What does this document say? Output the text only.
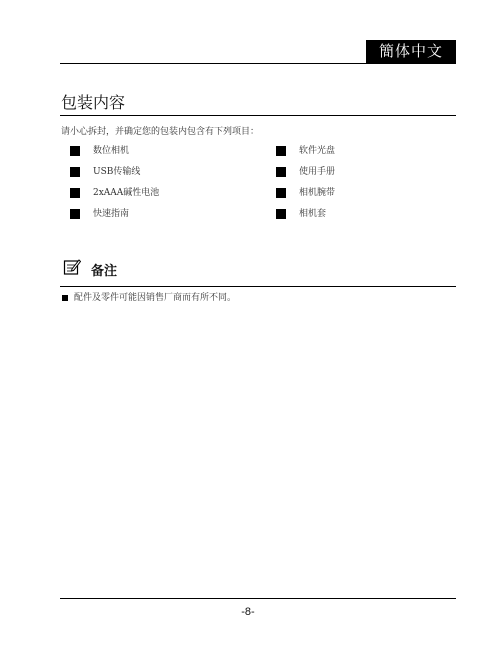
簡体中文
包装内容
请小心拆封，并确定您的包装内包含有下列项目：
数位相机
USB传输线
2xAAA碱性电池
快速指南
软件光盘
使用手册
相机腕带
相机套
备注
配件及零件可能因销售厂商而有所不同。
-8-
